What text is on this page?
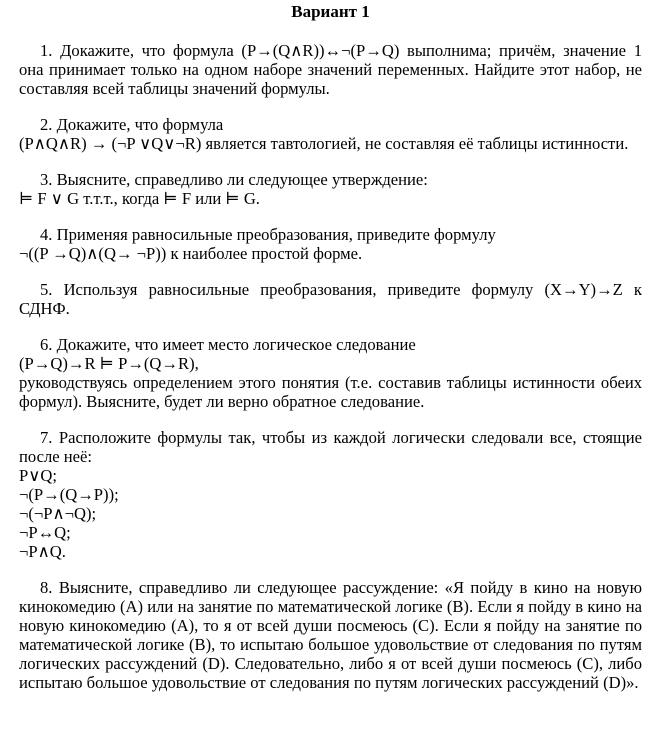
Вариант 1

1. Докажите, что формула (P→(Q∧R))↔¬(P→Q) выполнима; причём, значение 1 она принимает только на одном наборе значений переменных. Найдите этот набор, не составляя всей таблицы значений формулы.

2. Докажите, что формула

(P∧Q∧R) → (¬P ∨Q∨¬R) является тавтологией, не составляя её таблицы истинности.

3. Выясните, справедливо ли следующее утверждение:

⊨ F ∨ G т.т.т., когда ⊨ F или ⊨ G.

4. Применяя равносильные преобразования, приведите формулу

¬((P →Q)∧(Q→ ¬P)) к наиболее простой форме.

5. Используя равносильные преобразования, приведите формулу (X→Y)→Z к СДНФ.

6. Докажите, что имеет место логическое следование

(P→Q)→R ⊨ P→(Q→R),
руководствуясь определением этого понятия (т.е. составив таблицы истинности обеих формул). Выясните, будет ли верно обратное следование.

7. Расположите формулы так, чтобы из каждой логически следовали все, стоящие после неё:

P∨Q;
¬(P→(Q→P));
¬(¬P∧¬Q);
¬P↔Q;
¬P∧Q.

8. Выясните, справедливо ли следующее рассуждение: «Я пойду в кино на новую кинокомедию (A) или на занятие по математической логике (B). Если я пойду в кино на новую кинокомедию (A), то я от всей души посмеюсь (C). Если я пойду на занятие по математической логике (B), то испытаю большое удовольствие от следования по путям логических рассуждений (D). Следовательно, либо я от всей души посмеюсь (C), либо испытаю большое удовольствие от следования по путям логических рассуждений (D)».
